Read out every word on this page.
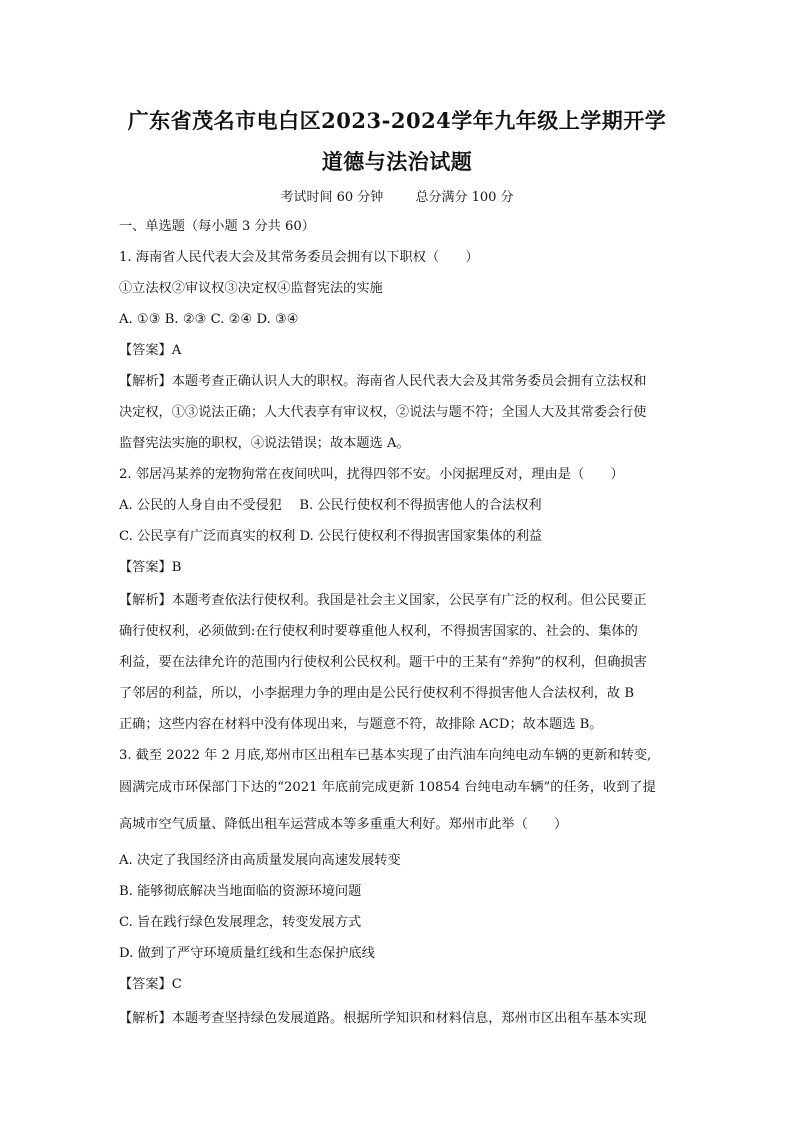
广东省茂名市电白区2023-2024学年九年级上学期开学
道德与法治试题
考试时间 60 分钟 总分满分 100 分
一、单选题（每小题 3 分共 60）
1. 海南省人民代表大会及其常务委员会拥有以下职权（　　）
①立法权②审议权③决定权④监督宪法的实施
A. ①③ B. ②③ C. ②④ D. ③④
【答案】A
【解析】本题考查正确认识人大的职权。海南省人民代表大会及其常务委员会拥有立法权和
决定权，①③说法正确；人大代表享有审议权，②说法与题不符；全国人大及其常委会行使
监督宪法实施的职权，④说法错误；故本题选 A。
2. 邻居冯某养的宠物狗常在夜间吠叫，扰得四邻不安。小闵据理反对，理由是（　　）
A. 公民的人身自由不受侵犯　 B. 公民行使权利不得损害他人的合法权利
C. 公民享有广泛而真实的权利 D. 公民行使权利不得损害国家集体的利益
【答案】B
【解析】本题考查依法行使权利。我国是社会主义国家，公民享有广泛的权利。但公民要正
确行使权利，必须做到:在行使权利时要尊重他人权利，不得损害国家的、社会的、集体的
利益，要在法律允许的范围内行使权利公民权利。题干中的王某有“养狗”的权利，但确损害
了邻居的利益，所以，小李据理力争的理由是公民行使权利不得损害他人合法权利，故 B
正确；这些内容在材料中没有体现出来，与题意不符，故排除 ACD；故本题选 B。
3. 截至 2022 年 2 月底,郑州市区出租车已基本实现了由汽油车向纯电动车辆的更新和转变,
圆满完成市环保部门下达的“2021 年底前完成更新 10854 台纯电动车辆”的任务，收到了提
高城市空气质量、降低出租车运营成本等多重重大利好。郑州市此举（　　）
A. 决定了我国经济由高质量发展向高速发展转变
B. 能够彻底解决当地面临的资源环境问题
C. 旨在践行绿色发展理念，转变发展方式
D. 做到了严守环境质量红线和生态保护底线
【答案】C
【解析】本题考查坚持绿色发展道路。根据所学知识和材料信息，郑州市区出租车基本实现
